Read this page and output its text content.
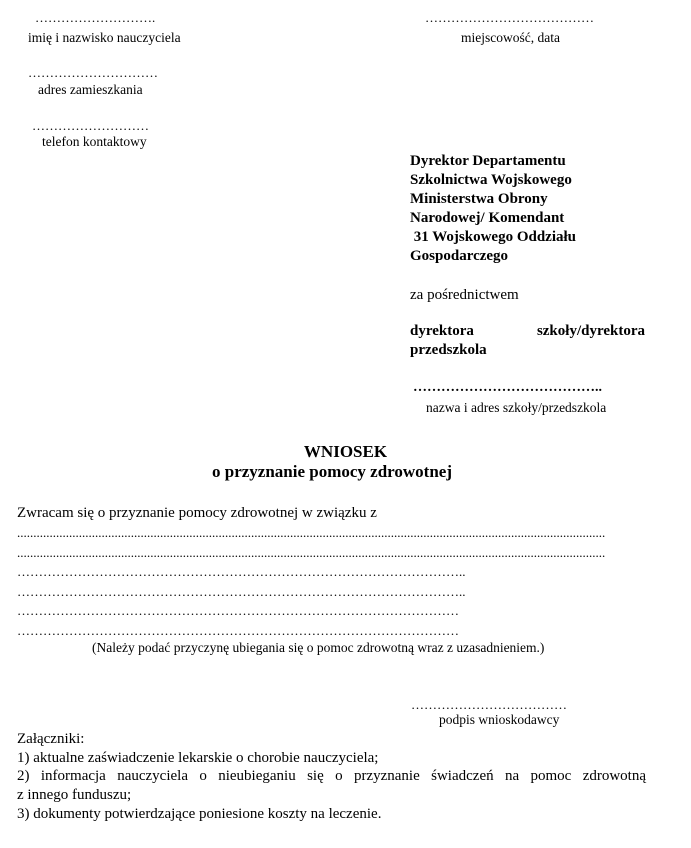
……………………….
imię i nazwisko nauczyciela
…………………………………
miejscowość, data
…………………………
adres zamieszkania
………………………
telefon kontaktowy
Dyrektor Departamentu
Szkolnictwa Wojskowego
Ministerstwa Obrony
Narodowej/ Komendant
31 Wojskowego Oddziału
Gospodarczego
za pośrednictwem
dyrektora	szkoły/dyrektora
przedszkola
…………………………………..
nazwa i adres szkoły/przedszkola
WNIOSEK
o przyznanie pomocy zdrowotnej
Zwracam się o przyznanie pomocy zdrowotnej w związku z
.....................................................................................................................................................................................
.....................................................................................................................................................................................
…………………………………………………………………………………………..
…………………………………………………………………………………………..
…………………………………………………………………………………………
…………………………………………………………………………………………
(Należy podać przyczynę ubiegania się o pomoc zdrowotną wraz z uzasadnieniem.)
………………………………
podpis wnioskodawcy
Załączniki:
1) aktualne zaświadczenie lekarskie o chorobie nauczyciela;
2) informacja nauczyciela o nieubieganiu się o przyznanie świadczeń na pomoc zdrowotną
z innego funduszu;
3) dokumenty potwierdzające poniesione koszty na leczenie.
